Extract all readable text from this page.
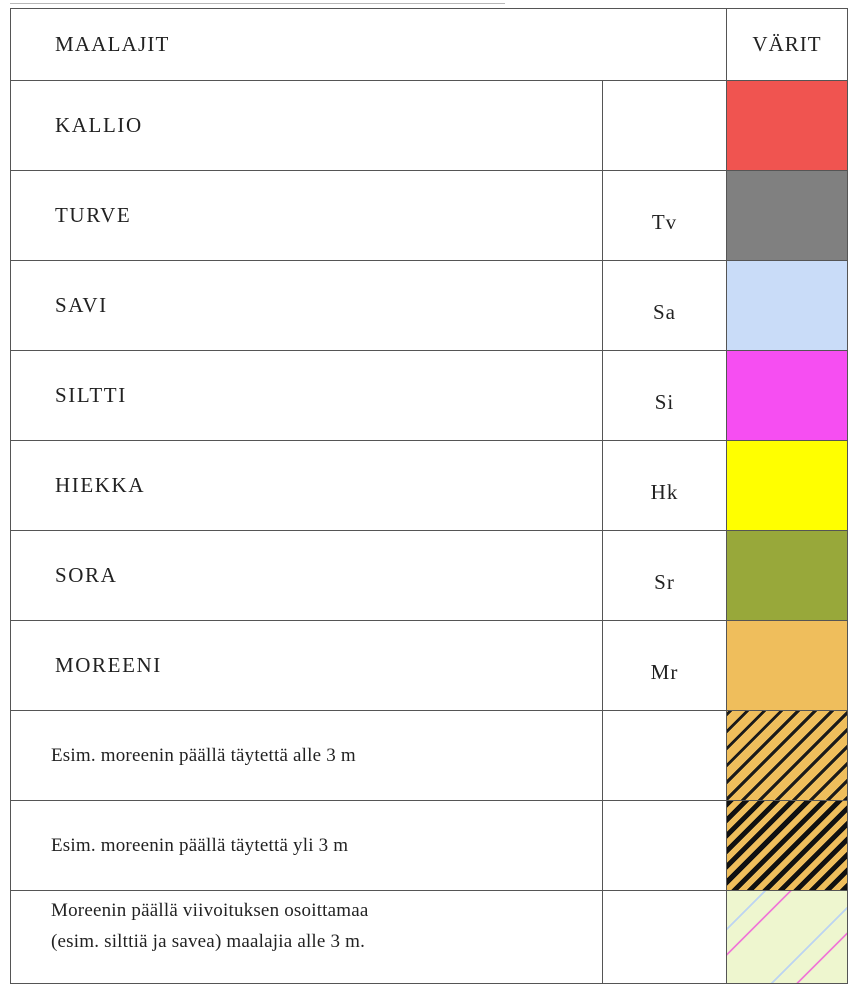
MAALAJIT		VÄRIT
KALLIO		

TURVE	Tv	

SAVI	Sa	

SILTTI	Si	

HIEKKA	Hk	

SORA	Sr	

MOREENI	Mr	

Esim. moreenin päällä täytettä alle 3 m		

Esim. moreenin päällä täytettä yli 3 m		

Moreenin päällä viivoituksen osoittamaa
(esim. silttiä ja savea) maalajia alle 3 m.		
